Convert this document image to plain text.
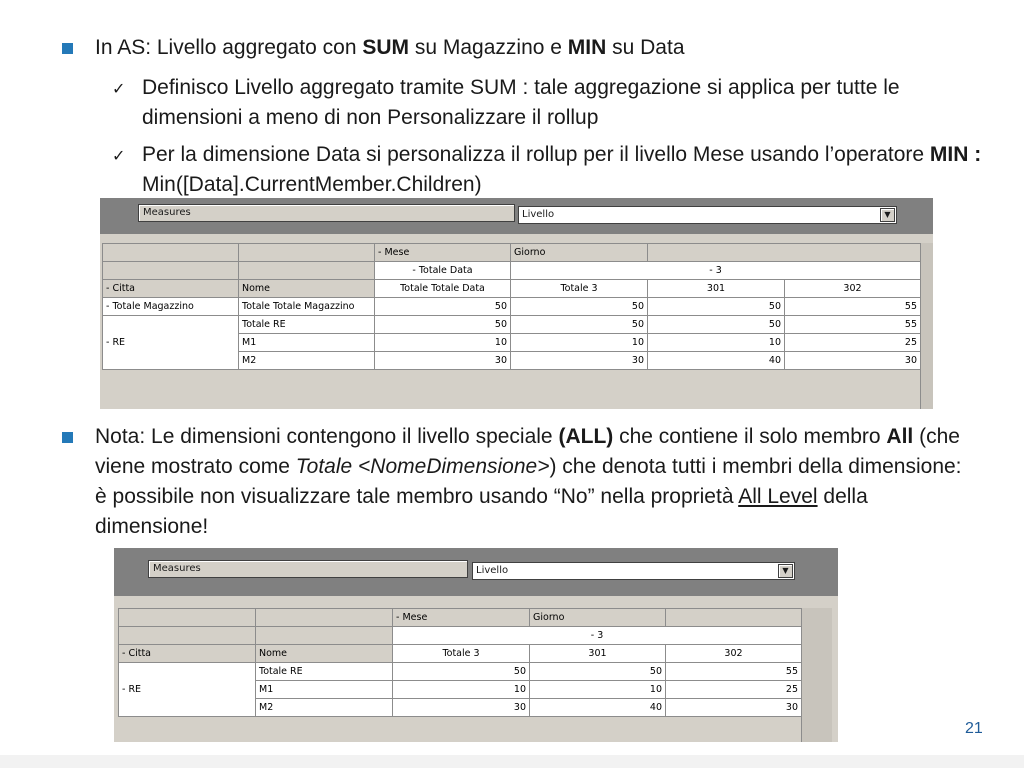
In AS: Livello aggregato con SUM su Magazzino e MIN su Data
✓ Definisco Livello aggregato tramite SUM : tale aggregazione si applica per tutte le dimensioni a meno di non Personalizzare il rollup
✓ Per la dimensione Data si personalizza il rollup per il livello Mese usando l’operatore MIN : Min([Data].CurrentMember.Children)
Measures	Livello	▼
		- Mese	Giorno		
		- Totale Data	- 3		
- Citta	Nome	Totale Totale Data	Totale 3	301	302
- Totale Magazzino	Totale Totale Magazzino	50	50	50	55
- RE	Totale RE	50	50	50	55
	M1	10	10	10	25
	M2	30	30	40	30
Nota: Le dimensioni contengono il livello speciale (ALL) che contiene il solo membro All (che viene mostrato come Totale <NomeDimensione>) che denota tutti i membri della dimensione: è possibile non visualizzare tale membro usando “No” nella proprietà All Level della dimensione!
Measures	Livello	▼
		- Mese	Giorno	
		- 3		
- Citta	Nome	Totale 3	301	302
- RE	Totale RE	50	50	55
	M1	10	10	25
	M2	30	40	30
21
